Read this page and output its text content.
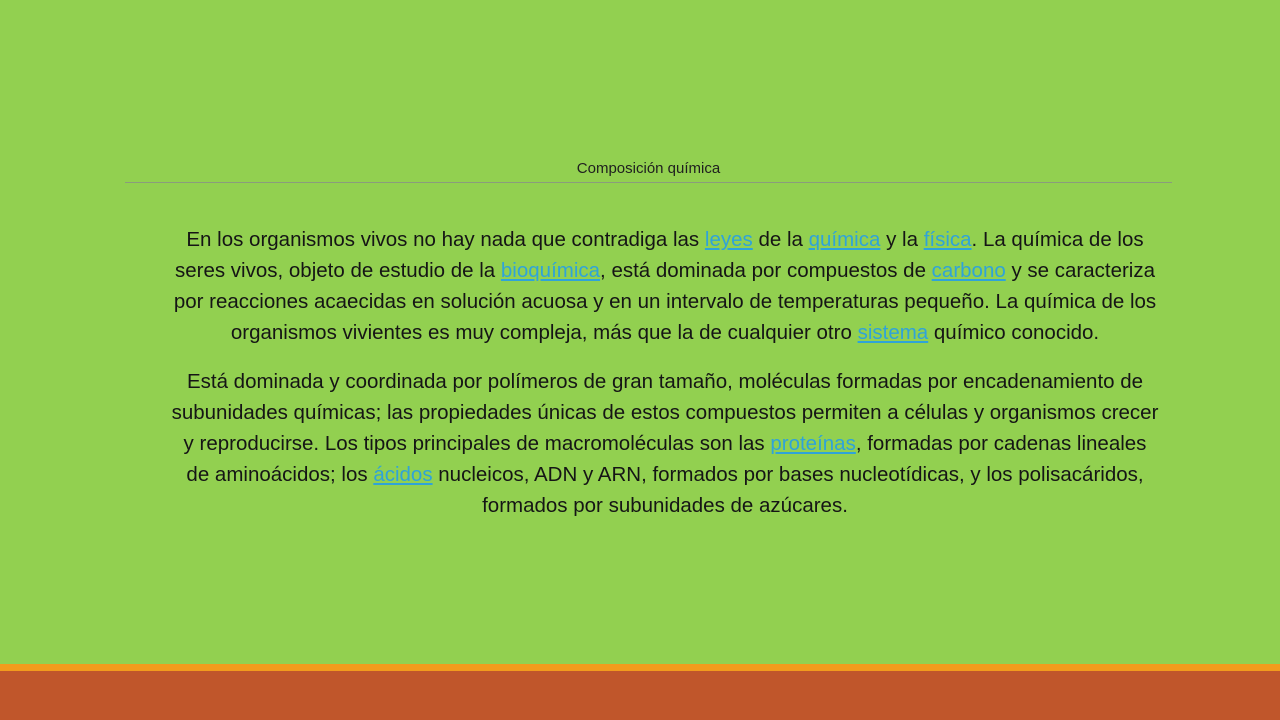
Composición química

En los organismos vivos no hay nada que contradiga las leyes de la química y la física. La química de los seres vivos, objeto de estudio de la bioquímica, está dominada por compuestos de carbono y se caracteriza por reacciones acaecidas en solución acuosa y en un intervalo de temperaturas pequeño. La química de los organismos vivientes es muy compleja, más que la de cualquier otro sistema químico conocido.

Está dominada y coordinada por polímeros de gran tamaño, moléculas formadas por encadenamiento de subunidades químicas; las propiedades únicas de estos compuestos permiten a células y organismos crecer y reproducirse. Los tipos principales de macromoléculas son las proteínas, formadas por cadenas lineales de aminoácidos; los ácidos nucleicos, ADN y ARN, formados por bases nucleotídicas, y los polisacáridos, formados por subunidades de azúcares.
